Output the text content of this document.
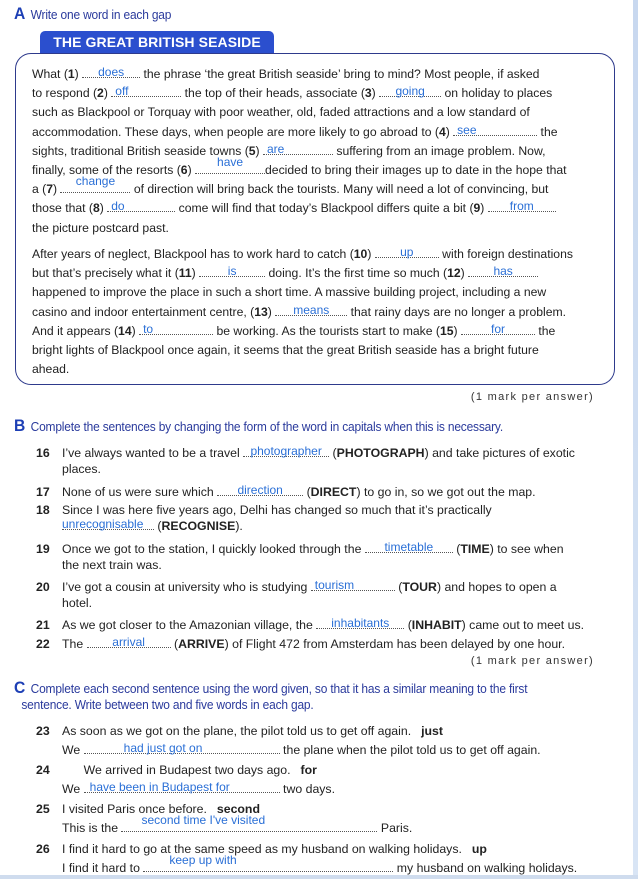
A Write one word in each gap
THE GREAT BRITISH SEASIDE
What (1)	does	the phrase ‘the great British seaside’ bring to mind? Most people, if asked
to respond (2) off	the top of their heads, associate (3)	going	on holiday to places
such as Blackpool or Torquay with poor weather, old, faded attractions and a low standard of
accommodation. These days, when people are more likely to go abroad to (4) see	the
sights, traditional British seaside towns (5) are	suffering from an image problem. Now,
finally, some of the resorts (6)
have
decided to bring their images up to date in the hope that
a (7)
change
of direction will bring back the tourists. Many will need a lot of convincing, but
those that (8) do	come will find that today’s Blackpool differs quite a bit (9)	from
the picture postcard past.
After years of neglect, Blackpool has to work hard to catch (10)	up	with foreign destinations
but that’s precisely what it (11)	is	doing. It’s the first time so much (12)	has
happened to improve the place in such a short time. A massive building project, including a new
casino and indoor entertainment centre, (13)	means	that rainy days are no longer a problem.
And it appears (14) to	be working. As the tourists start to make (15)	for	the
bright lights of Blackpool once again, it seems that the great British seaside has a bright future
ahead.
(1 mark per answer)
B Complete the sentences by changing the form of the word in capitals when this is necessary.
16	I’ve always wanted to be a travel photographer (PHOTOGRAPH) and take pictures of exotic
places.
17	None of us were sure which	direction	(DIRECT) to go in, so we got out the map.
18	Since I was here five years ago, Delhi has changed so much that it’s practically

unrecognisable (RECOGNISE).
19	Once we got to the station, I quickly looked through the	timetable	(TIME) to see when
the next train was.
20	I’ve got a cousin at university who is studying tourism	(TOUR) and hopes to open a
hotel.
21	As we got closer to the Amazonian village, the	inhabitants	(INHABIT) came out to meet us.
22	The	arrival	(ARRIVE) of Flight 472 from Amsterdam has been delayed by one hour.
(1 mark per answer)
C Complete each second sentence using the word given, so that it has a similar meaning to the first
sentence. Write between two and five words in each gap.
23	As soon as we got on the plane, the pilot told us to get off again. just
We	had just got on	the plane when the pilot told us to get off again.
24	We arrived in Budapest two days ago. for
We have been in Budapest for	two days.
25	I visited Paris once before. second
This is the
second time I've visited
Paris.
26	I find it hard to go at the same speed as my husband on walking holidays. up
I find it hard to
keep up with
my husband on walking holidays.
